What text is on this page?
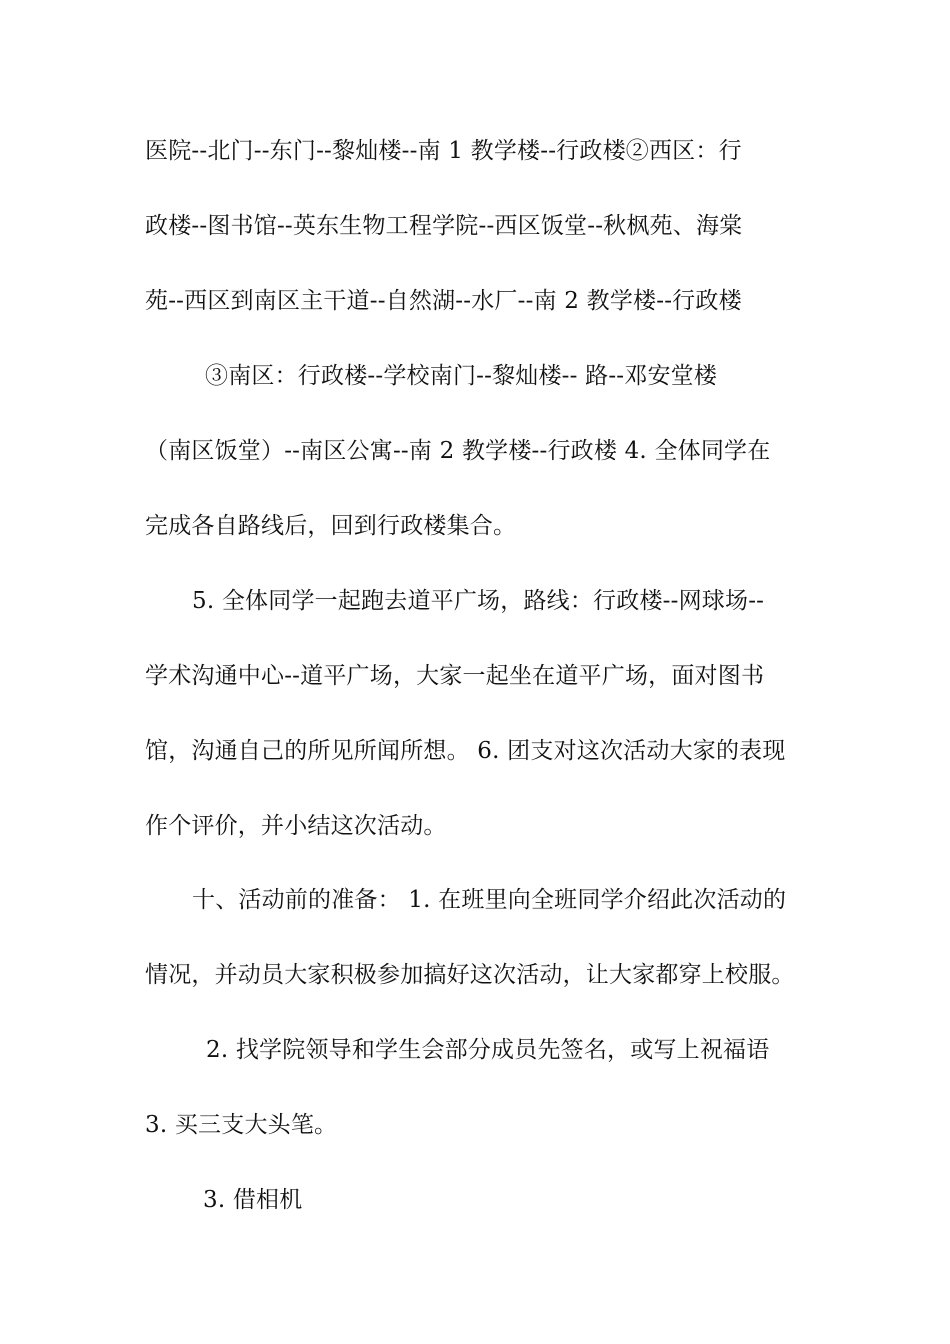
医院--北门--东门--黎灿楼--南 1 教学楼--行政楼②西区：行
政楼--图书馆--英东生物工程学院--西区饭堂--秋枫苑、海棠
苑--西区到南区主干道--自然湖--水厂--南 2 教学楼--行政楼
③南区：行政楼--学校南门--黎灿楼-- 路--邓安堂楼
（南区饭堂）--南区公寓--南 2 教学楼--行政楼 4. 全体同学在
完成各自路线后，回到行政楼集合。
5. 全体同学一起跑去道平广场，路线：行政楼--网球场--
学术沟通中心--道平广场，大家一起坐在道平广场，面对图书
馆，沟通自己的所见所闻所想。 6. 团支对这次活动大家的表现
作个评价，并小结这次活动。
十、活动前的准备： 1. 在班里向全班同学介绍此次活动的
情况，并动员大家积极参加搞好这次活动，让大家都穿上校服。
2. 找学院领导和学生会部分成员先签名，或写上祝福语
3. 买三支大头笔。
3. 借相机
